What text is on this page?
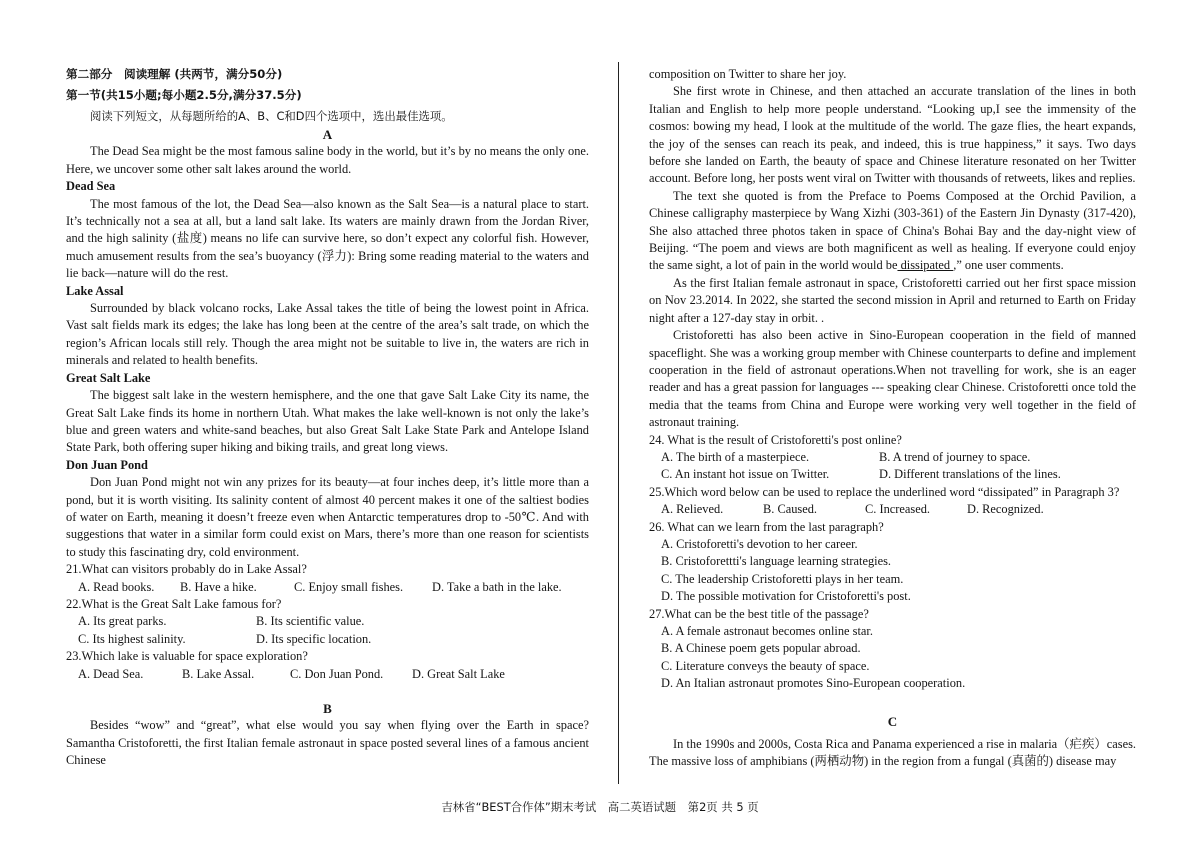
第二部分　阅读理解 (共两节，满分50分)

第一节(共15小题;每小题2.5分,满分37.5分)

阅读下列短文，从每题所给的A、B、C和D四个选项中，选出最佳选项。

A

The Dead Sea might be the most famous saline body in the world, but it’s by no means the only one. Here, we uncover some other salt lakes around the world.

Dead Sea

The most famous of the lot, the Dead Sea—also known as the Salt Sea—is a natural place to start. It’s technically not a sea at all, but a land salt lake. Its waters are mainly drawn from the Jordan River, and the high salinity (盐度) means no life can survive here, so don’t expect any colorful fish. However, much amusement results from the sea’s buoyancy (浮力): Bring some reading material to the waters and lie back—nature will do the rest.

Lake Assal

Surrounded by black volcano rocks, Lake Assal takes the title of being the lowest point in Africa. Vast salt fields mark its edges; the lake has long been at the centre of the area’s salt trade, on which the region’s African locals still rely. Though the area might not be suitable to live in, the waters are rich in minerals and related to health benefits.

Great Salt Lake

The biggest salt lake in the western hemisphere, and the one that gave Salt Lake City its name, the Great Salt Lake finds its home in northern Utah. What makes the lake well-known is not only the lake’s blue and green waters and white-sand beaches, but also Great Salt Lake State Park and Antelope Island State Park, both offering super hiking and biking trails, and great long views.

Don Juan Pond

Don Juan Pond might not win any prizes for its beauty—at four inches deep, it’s little more than a pond, but it is worth visiting. Its salinity content of almost 40 percent makes it one of the saltiest bodies of water on Earth, meaning it doesn’t freeze even when Antarctic temperatures drop to -50℃. And with suggestions that water in a similar form could exist on Mars, there’s more than one reason for scientists to study this fascinating dry, cold environment.

21.What can visitors probably do in Lake Assal?

A. Read books.	B. Have a hike.	C. Enjoy small fishes.	D. Take a bath in the lake.

22.What is the Great Salt Lake famous for?

A. Its great parks.	B. Its scientific value.
C. Its highest salinity.	D. Its specific location.

23.Which lake is valuable for space exploration?

A. Dead Sea.	B. Lake Assal.	C. Don Juan Pond.	D. Great Salt Lake

B

Besides “wow” and “great”, what else would you say when flying over the Earth in space? Samantha Cristoforetti, the first Italian female astronaut in space posted several lines of a famous ancient Chinese

composition on Twitter to share her joy.

She first wrote in Chinese, and then attached an accurate translation of the lines in both Italian and English to help more people understand. “Looking up,I see the immensity of the cosmos: bowing my head, I look at the multitude of the world. The gaze flies, the heart expands, the joy of the senses can reach its peak, and indeed, this is true happiness,” it says. Two days before she landed on Earth, the beauty of space and Chinese literature resonated on her Twitter account. Before long, her posts went viral on Twitter with thousands of retweets, likes and replies.

The text she quoted is from the Preface to Poems Composed at the Orchid Pavilion, a Chinese calligraphy masterpiece by Wang Xizhi (303-361) of the Eastern Jin Dynasty (317-420), She also attached three photos taken in space of China's Bohai Bay and the day-night view of Beijing. “The poem and views are both magnificent as well as healing. If everyone could enjoy the same sight, a lot of pain in the world would be dissipated ,” one user comments.

As the first Italian female astronaut in space, Cristoforetti carried out her first space mission on Nov 23.2014. In 2022, she started the second mission in April and returned to Earth on Friday night after a 127-day stay in orbit. .

Cristoforetti has also been active in Sino-European cooperation in the field of manned spaceflight. She was a working group member with Chinese counterparts to define and implement cooperation in the field of astronaut operations.When not travelling for work, she is an eager reader and has a great passion for languages --- speaking clear Chinese. Cristoforetti once told the media that the teams from China and Europe were working very well together in the field of astronaut training.

24. What is the result of Cristoforetti's post online?

A. The birth of a masterpiece.	B. A trend of journey to space.
C. An instant hot issue on Twitter.	D. Different translations of the lines.

25.Which word below can be used to replace the underlined word “dissipated” in Paragraph 3?

A. Relieved.	B. Caused.	C. Increased.	D. Recognized.

26. What can we learn from the last paragraph?

A. Cristoforetti's devotion to her career.
B. Cristoforettti's language learning strategies.
C. The leadership Cristoforetti plays in her team.
D. The possible motivation for Cristoforetti's post.

27.What can be the best title of the passage?

A. A female astronaut becomes online star.
B. A Chinese poem gets popular abroad.
C. Literature conveys the beauty of space.
D. An Italian astronaut promotes Sino-European cooperation.

C

In the 1990s and 2000s, Costa Rica and Panama experienced a rise in malaria（疟疾）cases. The massive loss of amphibians (两栖动物) in the region from a fungal (真菌的) disease may

吉林省“BEST合作体”期末考试　高二英语试题 第2页 共 5 页
